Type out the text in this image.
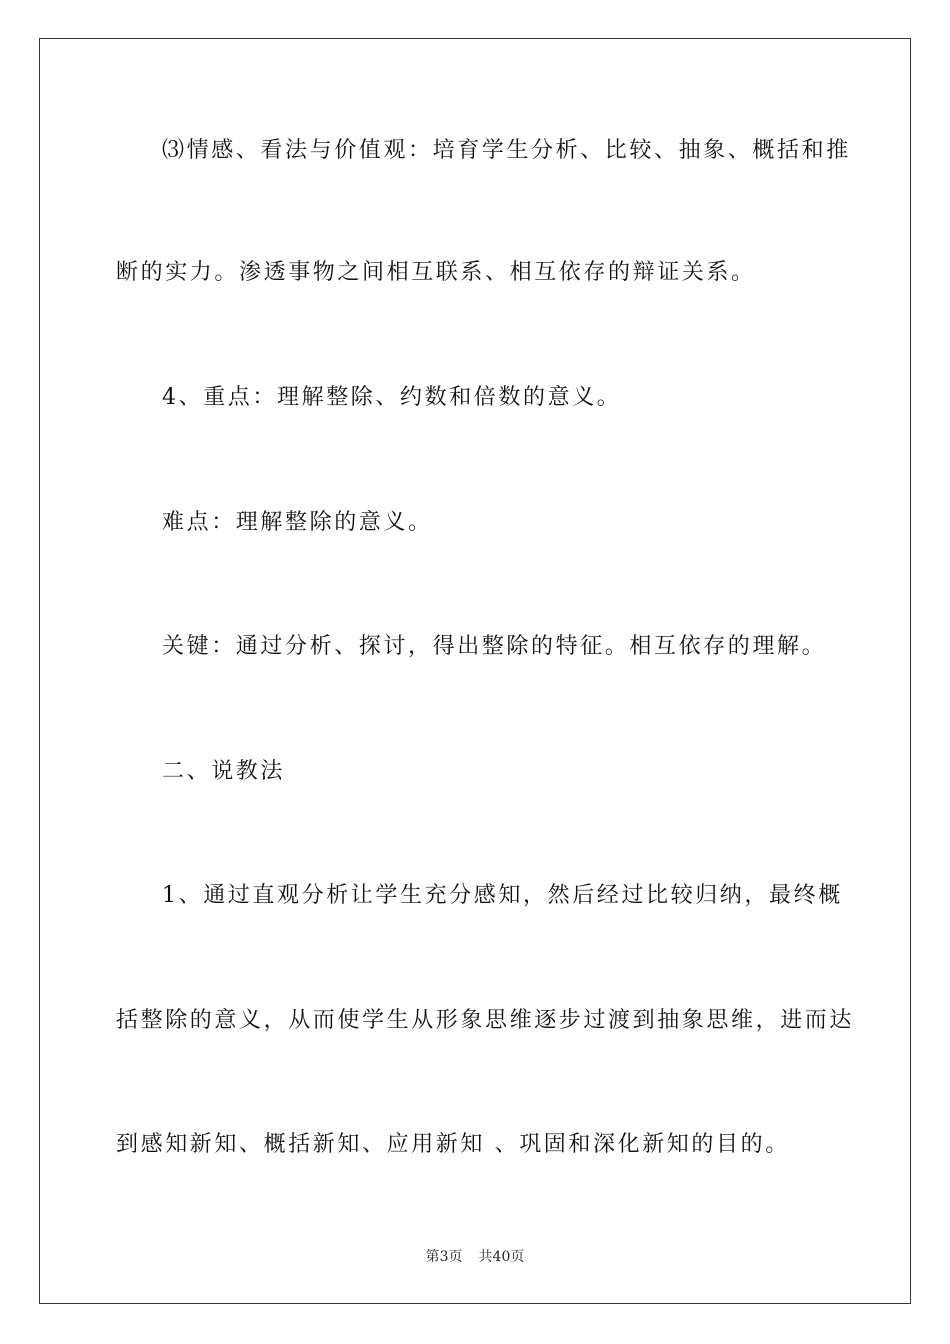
⑶情感、看法与价值观：培育学生分析、比较、抽象、概括和推
断的实力。渗透事物之间相互联系、相互依存的辩证关系。
4、重点：理解整除、约数和倍数的意义。
难点：理解整除的意义。
关键：通过分析、探讨，得出整除的特征。相互依存的理解。
二、说教法
1、通过直观分析让学生充分感知，然后经过比较归纳，最终概
括整除的意义，从而使学生从形象思维逐步过渡到抽象思维，进而达
到感知新知、概括新知、应用新知 、巩固和深化新知的目的。
第3页 共40页
